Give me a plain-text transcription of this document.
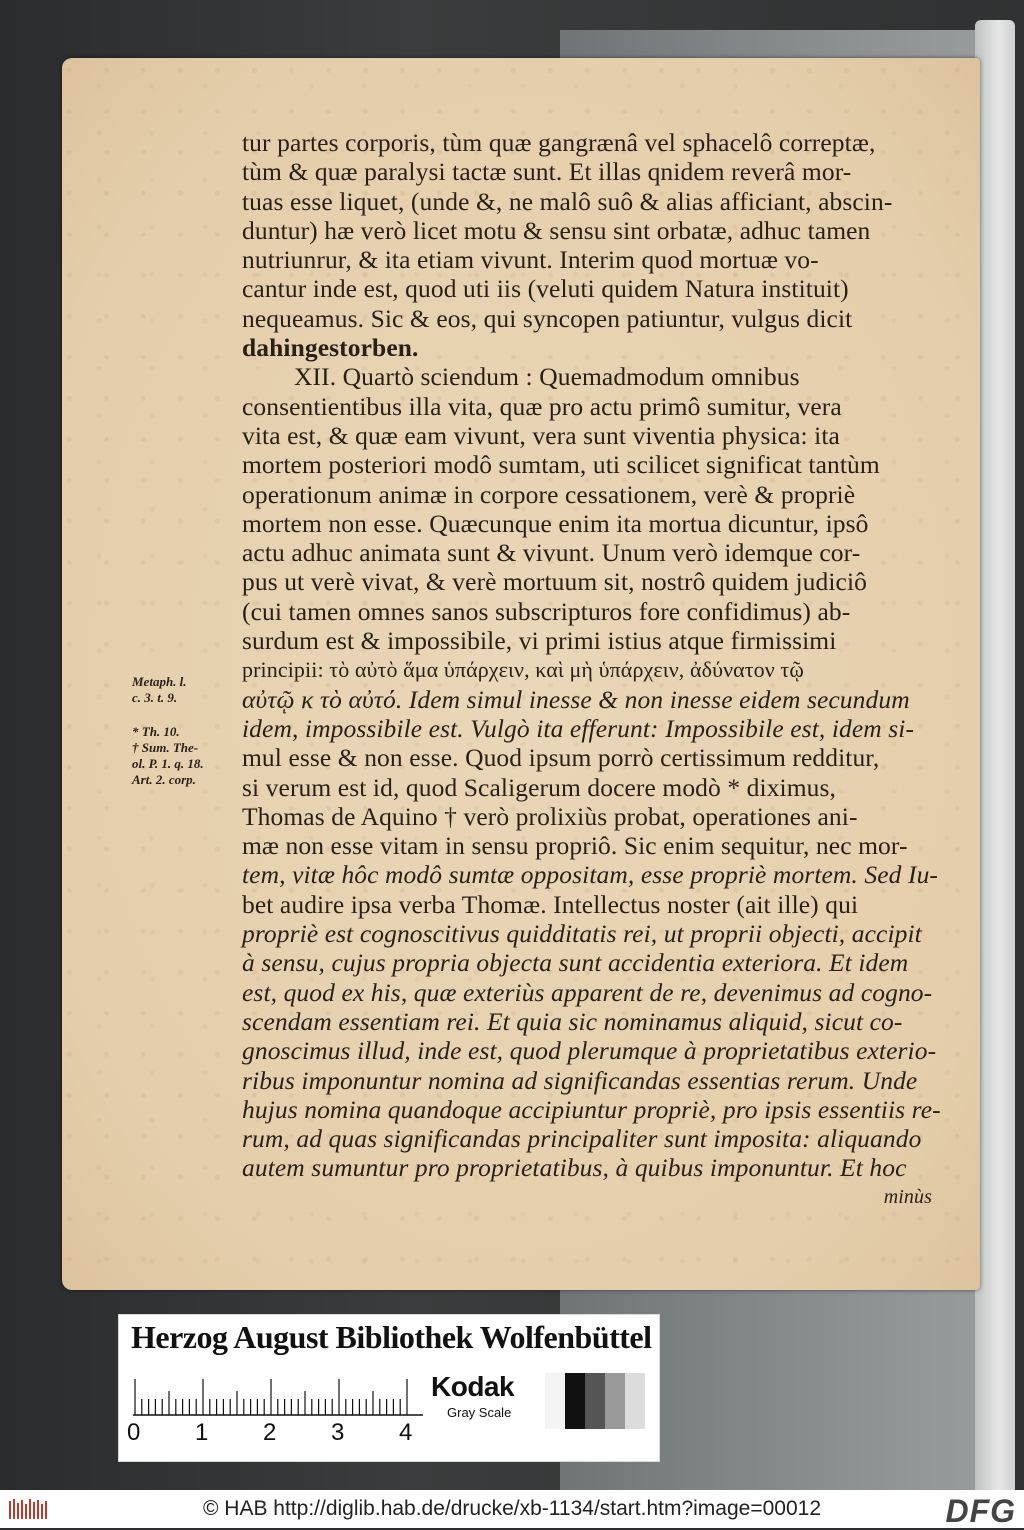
Metaph. l.
c. 3. t. 9.
* Th. 10.
† Sum. The-
ol. P. 1. q. 18.
Art. 2. corp.
tur partes corporis, tùm quæ gangrænâ vel sphacelô correptæ,
tùm & quæ paralysi tactæ sunt. Et illas qnidem reverâ mor-
tuas esse liquet, (unde &, ne malô suô & alias afficiant, abscin-
duntur) hæ verò licet motu & sensu sint orbatæ, adhuc tamen
nutriunrur, & ita etiam vivunt. Interim quod mortuæ vo-
cantur inde est, quod uti iis (veluti quidem Natura instituit)
nequeamus. Sic & eos, qui syncopen patiuntur, vulgus dicit
dahingestorben.
XII. Quartò sciendum : Quemadmodum omnibus
consentientibus illa vita, quæ pro actu primô sumitur, vera
vita est, & quæ eam vivunt, vera sunt viventia physica: ita
mortem posteriori modô sumtam, uti scilicet significat tantùm
operationum animæ in corpore cessationem, verè & propriè
mortem non esse. Quæcunque enim ita mortua dicuntur, ipsô
actu adhuc animata sunt & vivunt. Unum verò idemque cor-
pus ut verè vivat, & verè mortuum sit, nostrô quidem judiciô
(cui tamen omnes sanos subscripturos fore confidimus) ab-
surdum est & impossibile, vi primi istius atque firmissimi
principii: τὸ αὐτὸ ἅμα ὑπάρχειν, καὶ μὴ ὑπάρχειν, ἀδύνατον τῷ
αὐτῷ κ τὸ αὐτό. Idem simul inesse & non inesse eidem secundum
idem, impossibile est. Vulgò ita efferunt: Impossibile est, idem si-
mul esse & non esse. Quod ipsum porrò certissimum redditur,
si verum est id, quod Scaligerum docere modò * diximus,
Thomas de Aquino † verò prolixiùs probat, operationes ani-
mæ non esse vitam in sensu propriô. Sic enim sequitur, nec mor-
tem, vitæ hôc modô sumtæ oppositam, esse propriè mortem. Sed Iu-
bet audire ipsa verba Thomæ. Intellectus noster (ait ille) qui
propriè est cognoscitivus quidditatis rei, ut proprii objecti, accipit
à sensu, cujus propria objecta sunt accidentia exteriora. Et idem
est, quod ex his, quæ exteriùs apparent de re, devenimus ad cogno-
scendam essentiam rei. Et quia sic nominamus aliquid, sicut co-
gnoscimus illud, inde est, quod plerumque à proprietatibus exterio-
ribus imponuntur nomina ad significandas essentias rerum. Unde
hujus nomina quandoque accipiuntur propriè, pro ipsis essentiis re-
rum, ad quas significandas principaliter sunt imposita: aliquando
autem sumuntur pro proprietatibus, à quibus imponuntur. Et hoc
minùs
Herzog August Bibliothek Wolfenbüttel
0 1 2 3 4
Kodak
Gray Scale
© HAB http://diglib.hab.de/drucke/xb-1134/start.htm?image=00012	DFG
